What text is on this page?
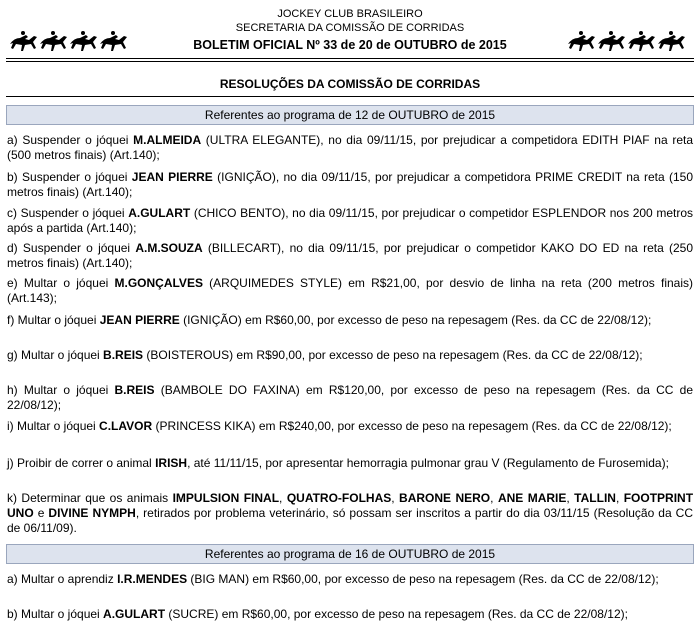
JOCKEY CLUB BRASILEIRO
SECRETARIA DA COMISSÃO DE CORRIDAS
BOLETIM OFICIAL Nº 33 de 20 de OUTUBRO de 2015
RESOLUÇÕES DA COMISSÃO DE CORRIDAS
Referentes ao programa de 12 de OUTUBRO de 2015
a) Suspender o jóquei M.ALMEIDA (ULTRA ELEGANTE), no dia 09/11/15, por prejudicar a competidora EDITH PIAF na reta (500 metros finais) (Art.140);
b) Suspender o jóquei JEAN PIERRE (IGNIÇÃO), no dia 09/11/15, por prejudicar a competidora PRIME CREDIT na reta (150 metros finais) (Art.140);
c) Suspender o jóquei A.GULART (CHICO BENTO), no dia 09/11/15, por prejudicar o competidor ESPLENDOR nos 200 metros após a partida (Art.140);
d) Suspender o jóquei A.M.SOUZA (BILLECART), no dia 09/11/15, por prejudicar o competidor KAKO DO ED na reta (250 metros finais) (Art.140);
e) Multar o jóquei M.GONÇALVES (ARQUIMEDES STYLE) em R$21,00, por desvio de linha na reta (200 metros finais) (Art.143);
f) Multar o jóquei JEAN PIERRE (IGNIÇÃO) em R$60,00, por excesso de peso na repesagem (Res. da CC de 22/08/12);
g) Multar o jóquei B.REIS (BOISTEROUS) em R$90,00, por excesso de peso na repesagem (Res. da CC de 22/08/12);
h) Multar o jóquei B.REIS (BAMBOLE DO FAXINA) em R$120,00, por excesso de peso na repesagem (Res. da CC de 22/08/12);
i) Multar o jóquei C.LAVOR (PRINCESS KIKA) em R$240,00, por excesso de peso na repesagem (Res. da CC de 22/08/12);
j) Proibir de correr o animal IRISH, até 11/11/15, por apresentar hemorragia pulmonar grau V (Regulamento de Furosemida);
k) Determinar que os animais IMPULSION FINAL, QUATRO-FOLHAS, BARONE NERO, ANE MARIE, TALLIN, FOOTPRINT UNO e DIVINE NYMPH, retirados por problema veterinário, só possam ser inscritos a partir do dia 03/11/15 (Resolução da CC de 06/11/09).
Referentes ao programa de 16 de OUTUBRO de 2015
a) Multar o aprendiz I.R.MENDES (BIG MAN) em R$60,00, por excesso de peso na repesagem (Res. da CC de 22/08/12);
b) Multar o jóquei A.GULART (SUCRE) em R$60,00, por excesso de peso na repesagem (Res. da CC de 22/08/12);
